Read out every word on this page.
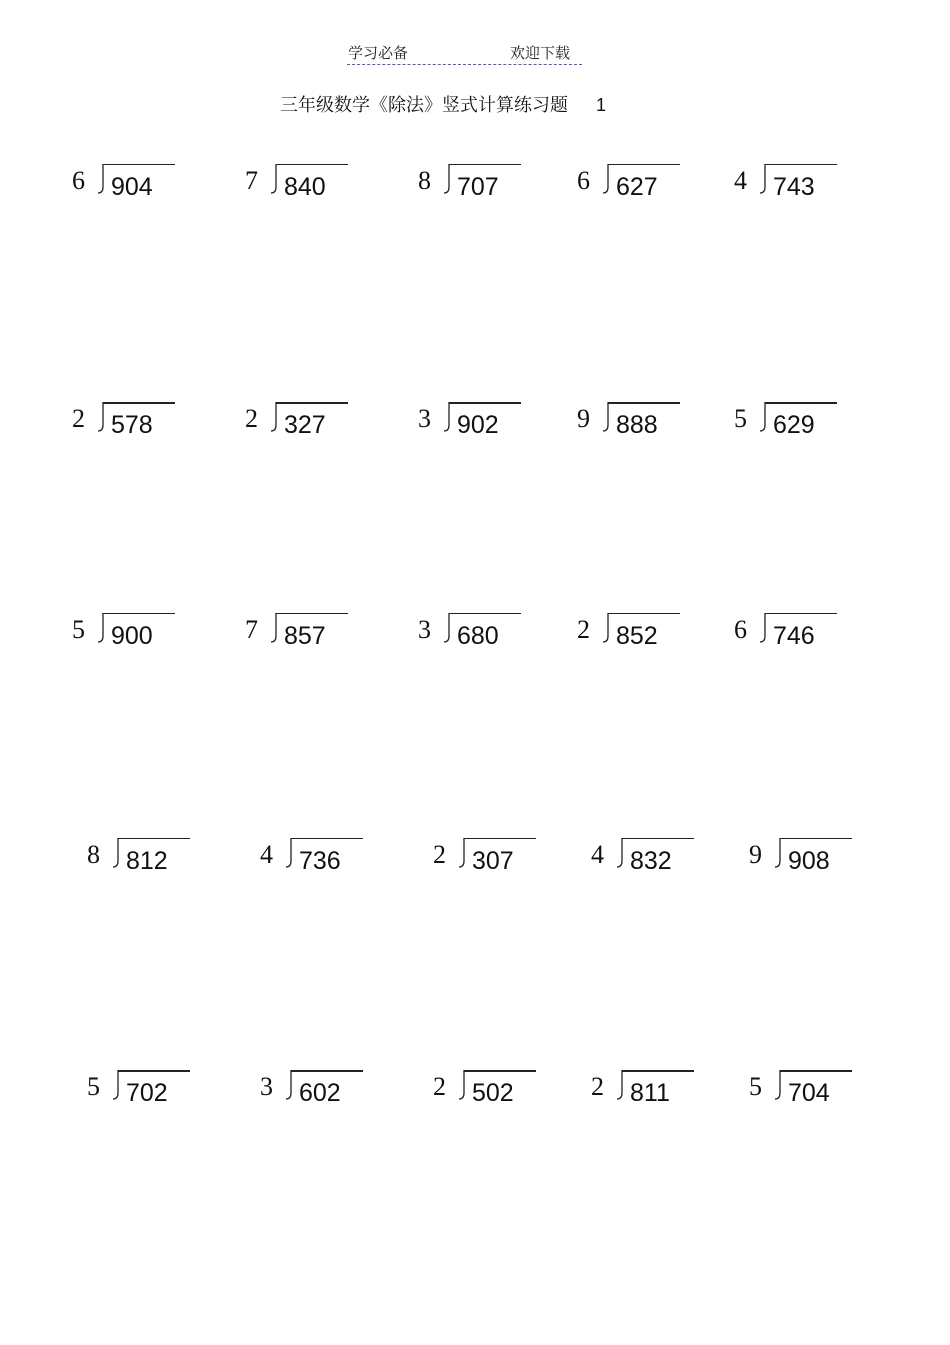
学习必备	欢迎下载
三年级数学《除法》竖式计算练习题 1
6 904	7 840	8 707	6 627	4 743
2 578	2 327	3 902	9 888	5 629
5 900	7 857	3 680	2 852	6 746
8 812	4 736	2 307	4 832	9 908
5 702	3 602	2 502	2 811	5 704
